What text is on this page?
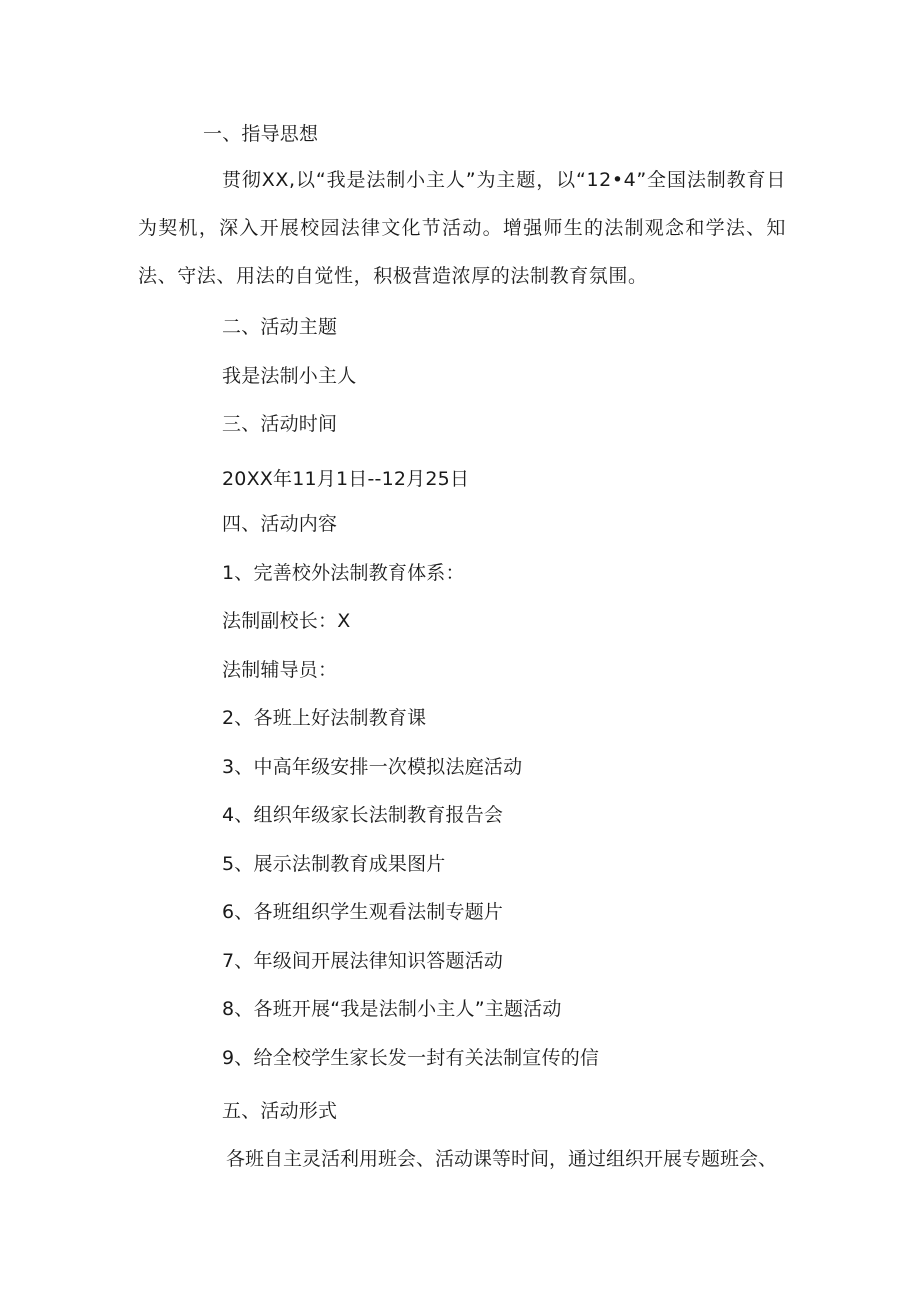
一、指导思想
贯彻XX,以“我是法制小主人”为主题，以“12•4”全国法制教育日为契机，深入开展校园法律文化节活动。增强师生的法制观念和学法、知法、守法、用法的自觉性，积极营造浓厚的法制教育氛围。
二、活动主题
我是法制小主人
三、活动时间
20XX年11月1日--12月25日
四、活动内容
1、完善校外法制教育体系：
法制副校长：X
法制辅导员：
2、各班上好法制教育课
3、中高年级安排一次模拟法庭活动
4、组织年级家长法制教育报告会
5、展示法制教育成果图片
6、各班组织学生观看法制专题片
7、年级间开展法律知识答题活动
8、各班开展“我是法制小主人”主题活动
9、给全校学生家长发一封有关法制宣传的信
五、活动形式
各班自主灵活利用班会、活动课等时间，通过组织开展专题班会、
